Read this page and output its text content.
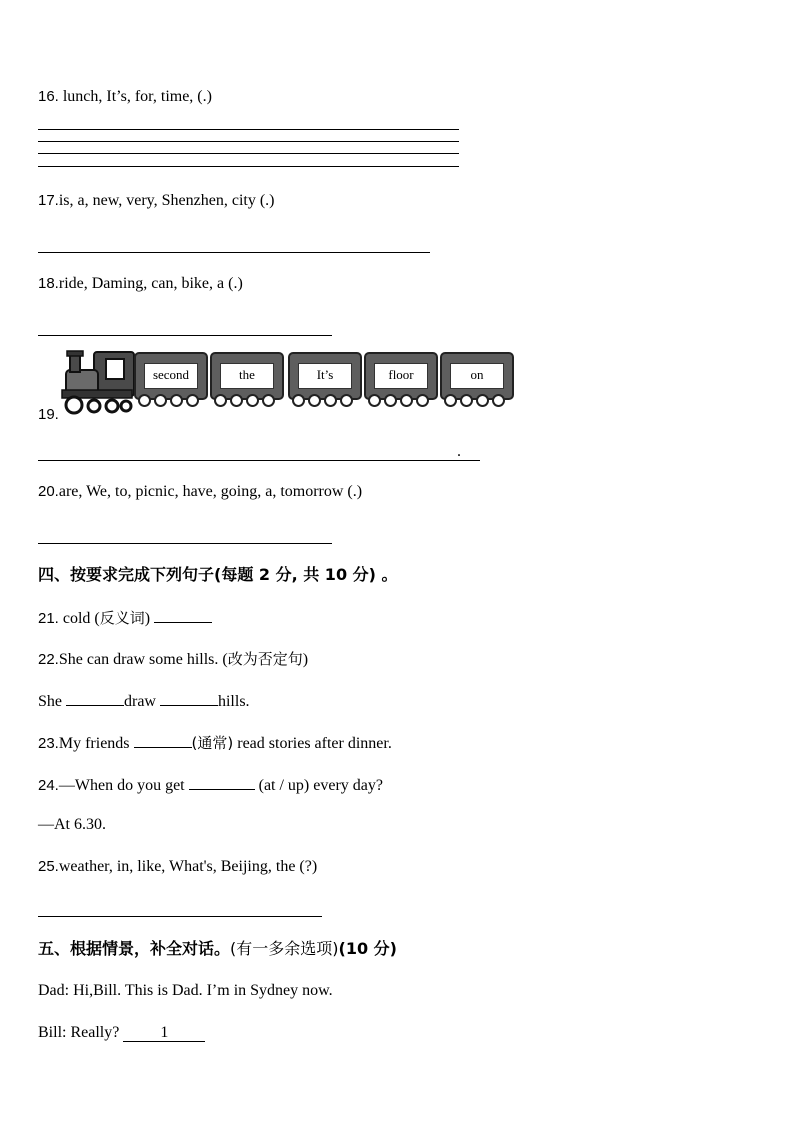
16. lunch, It’s, for, time, (.)
17.is, a, new, very, Shenzhen, city (.)
18.ride, Daming, can, bike, a (.)
second	the	It’s	floor	on
19.
.
20.are, We, to, picnic, have, going, a, tomorrow (.)
四、按要求完成下列句子(每题 2 分, 共 10 分) 。
21. cold (反义词)
22.She can draw some hills. (改为否定句)
She	draw	hills.
23.My friends	(通常) read stories after dinner.
24.—When do you get	(at / up) every day?
—At 6.30.
25.weather, in, like, What's, Beijing, the (?)
五、根据情景，补全对话。(有一多余选项)(10 分)
Dad: Hi,Bill. This is Dad. I’m in Sydney now.
Bill: Really? 1
